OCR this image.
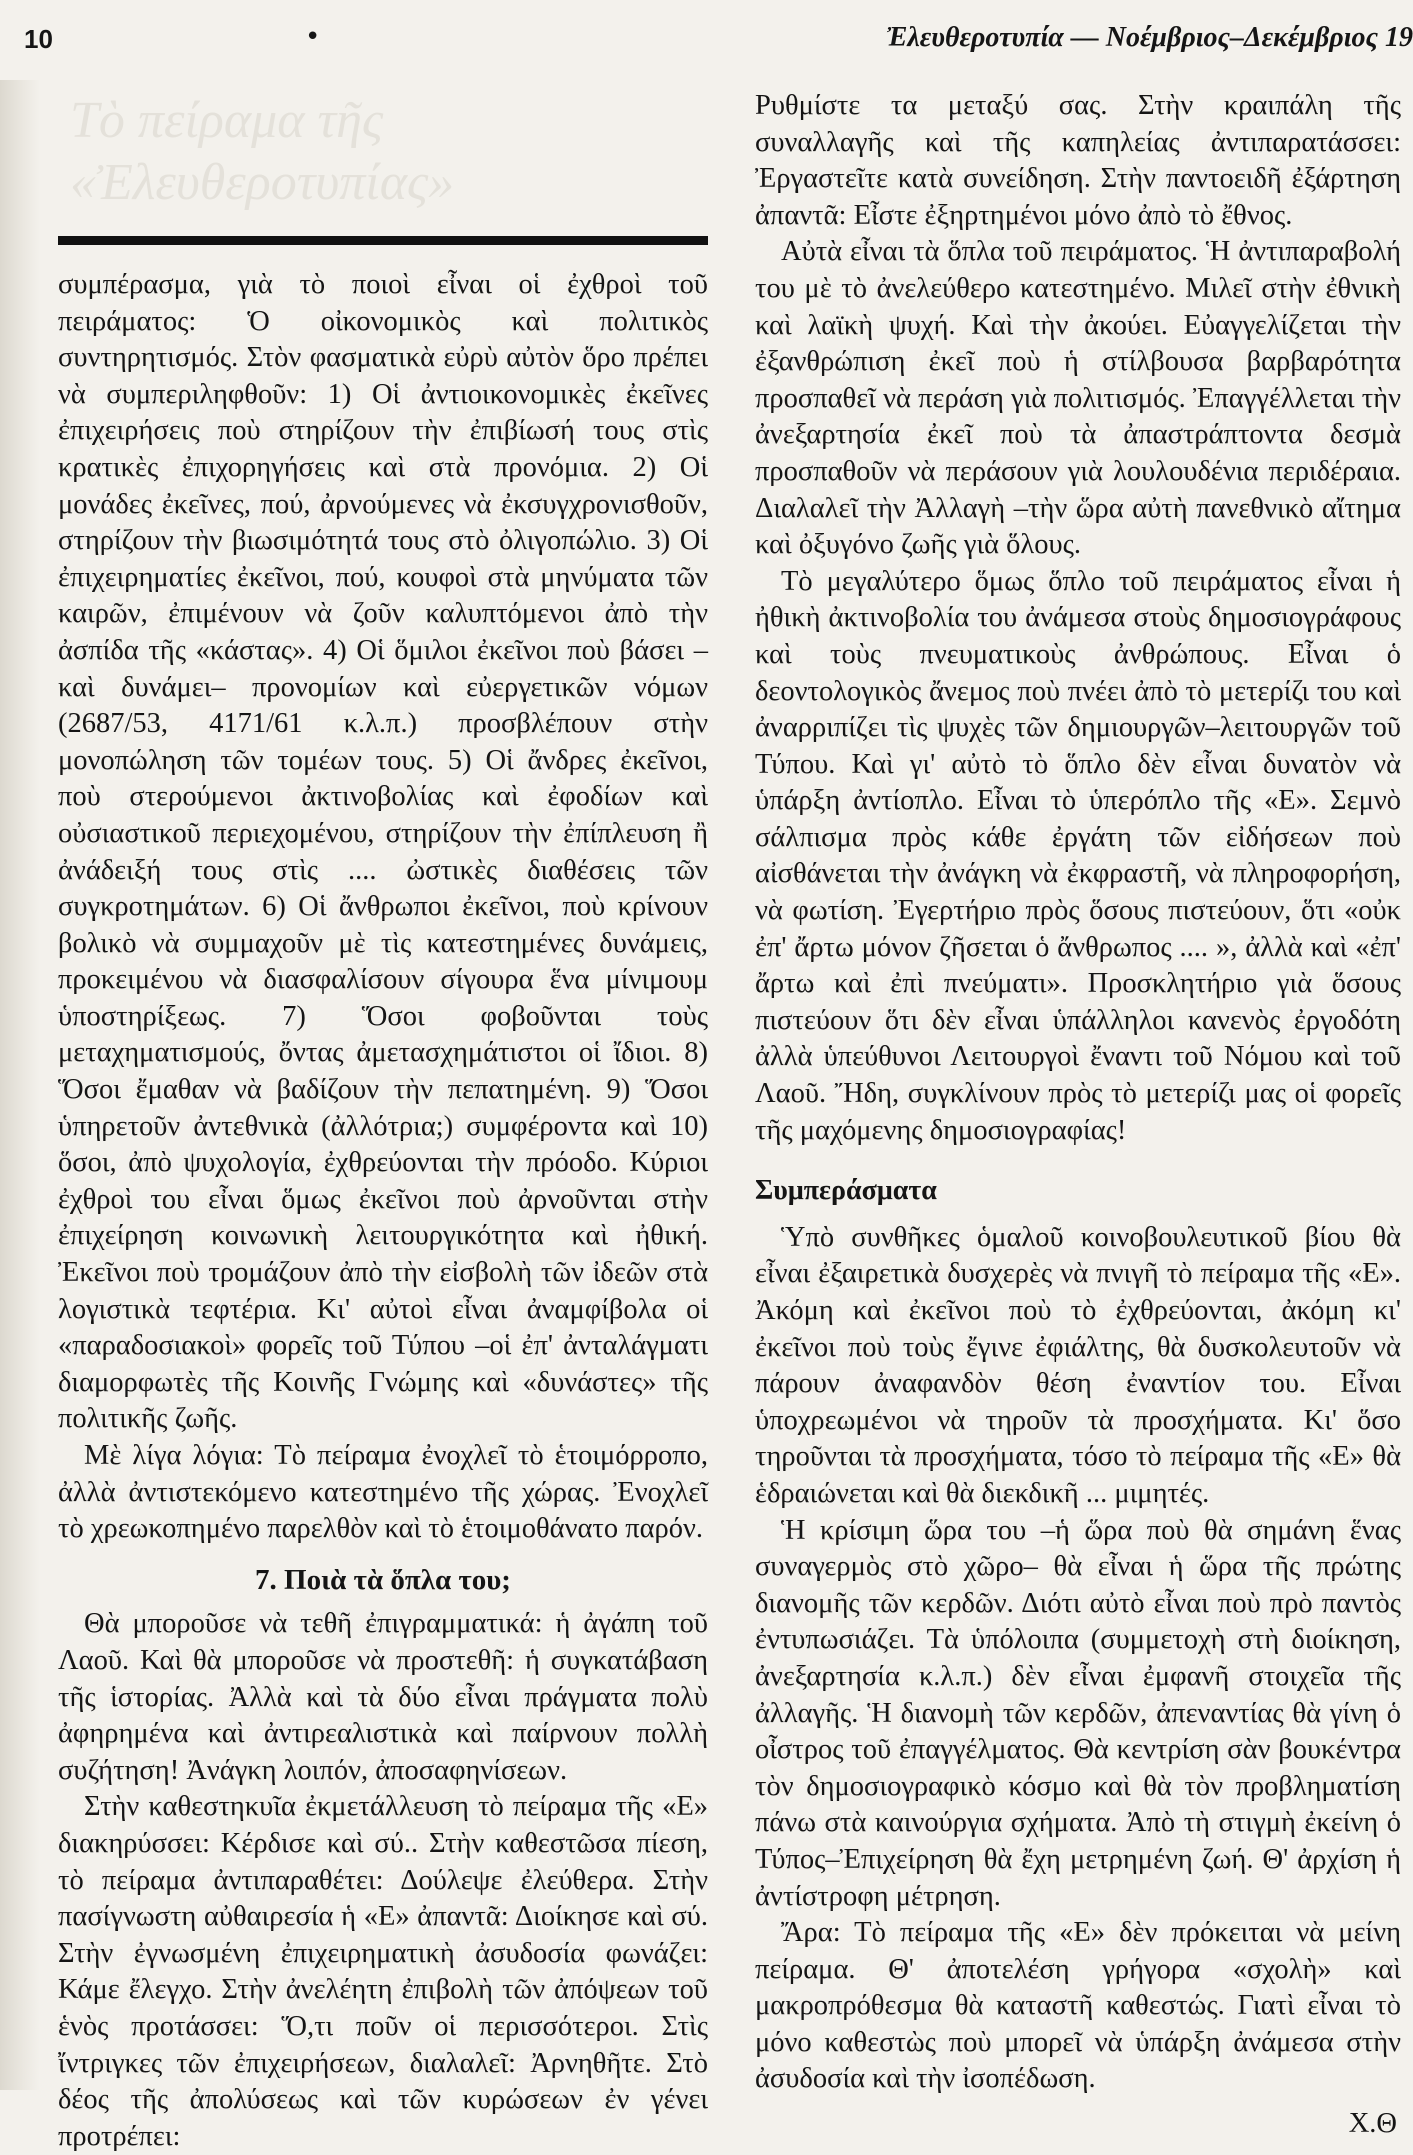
10	•	Ἐλευθεροτυπία — Νοέμβριος–Δεκέμβριος 19
Τὸ πείραμα τῆς «Ἐλευθεροτυπίας»

συμπέρασμα, γιὰ τὸ ποιοὶ εἶναι οἱ ἐχθροὶ τοῦ πειράματος: Ὁ οἰκονομικὸς καὶ πολιτικὸς συντηρητισμός. Στὸν φασματικὰ εὐρὺ αὐτὸν ὅρο πρέπει νὰ συμπεριληφθοῦν: 1) Οἱ ἀντιοικονομικὲς ἐκεῖνες ἐπιχειρήσεις ποὺ στηρίζουν τὴν ἐπιβίωσή τους στὶς κρατικὲς ἐπιχορηγήσεις καὶ στὰ προνόμια. 2) Οἱ μονάδες ἐκεῖνες, πού, ἀρνούμενες νὰ ἐκσυγχρονισθοῦν, στηρίζουν τὴν βιωσιμότητά τους στὸ ὀλιγοπώλιο. 3) Οἱ ἐπιχειρηματίες ἐκεῖνοι, πού, κουφοὶ στὰ μηνύματα τῶν καιρῶν, ἐπιμένουν νὰ ζοῦν καλυπτόμενοι ἀπὸ τὴν ἀσπίδα τῆς «κάστας». 4) Οἱ ὅμιλοι ἐκεῖνοι ποὺ βάσει –καὶ δυνάμει– προνομίων καὶ εὐεργετικῶν νόμων (2687/53, 4171/61 κ.λ.π.) προσβλέπουν στὴν μονοπώληση τῶν τομέων τους. 5) Οἱ ἄνδρες ἐκεῖνοι, ποὺ στερούμενοι ἀκτινοβολίας καὶ ἐφοδίων καὶ οὐσιαστικοῦ περιεχομένου, στηρίζουν τὴν ἐπίπλευση ἢ ἀνάδειξή τους στὶς .... ὠστικὲς διαθέσεις τῶν συγκροτημάτων. 6) Οἱ ἄνθρωποι ἐκεῖνοι, ποὺ κρίνουν βολικὸ νὰ συμμαχοῦν μὲ τὶς κατεστημένες δυνάμεις, προκειμένου νὰ διασφαλίσουν σίγουρα ἕνα μίνιμουμ ὑποστηρίξεως. 7) Ὅσοι φοβοῦνται τοὺς μεταχηματισμούς, ὄντας ἀμετασχημάτιστοι οἱ ἴδιοι. 8) Ὅσοι ἔμαθαν νὰ βαδίζουν τὴν πεπατημένη. 9) Ὅσοι ὑπηρετοῦν ἀντεθνικὰ (ἀλλότρια;) συμφέροντα καὶ 10) ὅσοι, ἀπὸ ψυχολογία, ἐχθρεύονται τὴν πρόοδο. Κύριοι ἐχθροὶ του εἶναι ὅμως ἐκεῖνοι ποὺ ἀρνοῦνται στὴν ἐπιχείρηση κοινωνικὴ λειτουργικότητα καὶ ἠθική. Ἐκεῖνοι ποὺ τρομάζουν ἀπὸ τὴν εἰσβολὴ τῶν ἰδεῶν στὰ λογιστικὰ τεφτέρια. Κι' αὐτοὶ εἶναι ἀναμφίβολα οἱ «παραδοσιακοὶ» φορεῖς τοῦ Τύπου –οἱ ἐπ' ἀνταλάγματι διαμορφωτὲς τῆς Κοινῆς Γνώμης καὶ «δυνάστες» τῆς πολιτικῆς ζωῆς.

Μὲ λίγα λόγια: Τὸ πείραμα ἐνοχλεῖ τὸ ἑτοιμόρροπο, ἀλλὰ ἀντιστεκόμενο κατεστημένο τῆς χώρας. Ἐνοχλεῖ τὸ χρεωκοπημένο παρελθὸν καὶ τὸ ἑτοιμοθάνατο παρόν.

7. Ποιὰ τὰ ὅπλα του;

Θὰ μποροῦσε νὰ τεθῆ ἐπιγραμματικά: ἡ ἀγάπη τοῦ Λαοῦ. Καὶ θὰ μποροῦσε νὰ προστεθῆ: ἡ συγκατάβαση τῆς ἱστορίας. Ἀλλὰ καὶ τὰ δύο εἶναι πράγματα πολὺ ἀφηρημένα καὶ ἀντιρεαλιστικὰ καὶ παίρνουν πολλὴ συζήτηση! Ἀνάγκη λοιπόν, ἀποσαφηνίσεων.

Στὴν καθεστηκυῖα ἐκμετάλλευση τὸ πείραμα τῆς «Ε» διακηρύσσει: Κέρδισε καὶ σύ.. Στὴν καθεστῶσα πίεση, τὸ πείραμα ἀντιπαραθέτει: Δούλεψε ἐλεύθερα. Στὴν πασίγνωστη αὐθαιρεσία ἡ «Ε» ἀπαντᾶ: Διοίκησε καὶ σύ. Στὴν ἐγνωσμένη ἐπιχειρηματικὴ ἀσυδοσία φωνάζει: Κάμε ἔλεγχο. Στὴν ἀνελέητη ἐπιβολὴ τῶν ἀπόψεων τοῦ ἑνὸς προτάσσει: Ὅ,τι ποῦν οἱ περισσότεροι. Στὶς ἴντριγκες τῶν ἐπιχειρήσεων, διαλαλεῖ: Ἀρνηθῆτε. Στὸ δέος τῆς ἀπολύσεως καὶ τῶν κυρώσεων ἐν γένει προτρέπει:

Ρυθμίστε τα μεταξύ σας. Στὴν κραιπάλη τῆς συναλλαγῆς καὶ τῆς καπηλείας ἀντιπαρατάσσει: Ἐργαστεῖτε κατὰ συνείδηση. Στὴν παντοειδῆ ἐξάρτηση ἀπαντᾶ: Εἶστε ἐξηρτημένοι μόνο ἀπὸ τὸ ἔθνος.

Αὐτὰ εἶναι τὰ ὅπλα τοῦ πειράματος. Ἡ ἀντιπαραβολή του μὲ τὸ ἀνελεύθερο κατεστημένο. Μιλεῖ στὴν ἐθνικὴ καὶ λαϊκὴ ψυχή. Καὶ τὴν ἀκούει. Εὐαγγελίζεται τὴν ἐξανθρώπιση ἐκεῖ ποὺ ἡ στίλβουσα βαρβαρότητα προσπαθεῖ νὰ περάση γιὰ πολιτισμός. Ἐπαγγέλλεται τὴν ἀνεξαρτησία ἐκεῖ ποὺ τὰ ἀπαστράπτοντα δεσμὰ προσπαθοῦν νὰ περάσουν γιὰ λουλουδένια περιδέραια. Διαλαλεῖ τὴν Ἀλλαγὴ –τὴν ὥρα αὐτὴ πανεθνικὸ αἴτημα καὶ ὀξυγόνο ζωῆς γιὰ ὅλους.

Τὸ μεγαλύτερο ὅμως ὅπλο τοῦ πειράματος εἶναι ἡ ἠθικὴ ἀκτινοβολία του ἀνάμεσα στοὺς δημοσιογράφους καὶ τοὺς πνευματικοὺς ἀνθρώπους. Εἶναι ὁ δεοντολογικὸς ἄνεμος ποὺ πνέει ἀπὸ τὸ μετερίζι του καὶ ἀναρριπίζει τὶς ψυχὲς τῶν δημιουργῶν–λειτουργῶν τοῦ Τύπου. Καὶ γι' αὐτὸ τὸ ὅπλο δὲν εἶναι δυνατὸν νὰ ὑπάρξη ἀντίοπλο. Εἶναι τὸ ὑπερόπλο τῆς «Ε». Σεμνὸ σάλπισμα πρὸς κάθε ἐργάτη τῶν εἰδήσεων ποὺ αἰσθάνεται τὴν ἀνάγκη νὰ ἐκφραστῆ, νὰ πληροφορήση, νὰ φωτίση. Ἐγερτήριο πρὸς ὅσους πιστεύουν, ὅτι «οὐκ ἐπ' ἄρτω μόνον ζῆσεται ὁ ἄνθρωπος .... », ἀλλὰ καὶ «ἐπ' ἄρτω καὶ ἐπὶ πνεύματι». Προσκλητήριο γιὰ ὅσους πιστεύουν ὅτι δὲν εἶναι ὑπάλληλοι κανενὸς ἐργοδότη ἀλλὰ ὑπεύθυνοι Λειτουργοὶ ἔναντι τοῦ Νόμου καὶ τοῦ Λαοῦ. Ἤδη, συγκλίνουν πρὸς τὸ μετερίζι μας οἱ φορεῖς τῆς μαχόμενης δημοσιογραφίας!

Συμπεράσματα

Ὑπὸ συνθῆκες ὁμαλοῦ κοινοβουλευτικοῦ βίου θὰ εἶναι ἐξαιρετικὰ δυσχερὲς νὰ πνιγῆ τὸ πείραμα τῆς «Ε». Ἀκόμη καὶ ἐκεῖνοι ποὺ τὸ ἐχθρεύονται, ἀκόμη κι' ἐκεῖνοι ποὺ τοὺς ἔγινε ἐφιάλτης, θὰ δυσκολευτοῦν νὰ πάρουν ἀναφανδὸν θέση ἐναντίον του. Εἶναι ὑποχρεωμένοι νὰ τηροῦν τὰ προσχήματα. Κι' ὅσο τηροῦνται τὰ προσχήματα, τόσο τὸ πείραμα τῆς «Ε» θὰ ἑδραιώνεται καὶ θὰ διεκδικῆ ... μιμητές.

Ἡ κρίσιμη ὥρα του –ἡ ὥρα ποὺ θὰ σημάνη ἕνας συναγερμὸς στὸ χῶρο– θὰ εἶναι ἡ ὥρα τῆς πρώτης διανομῆς τῶν κερδῶν. Διότι αὐτὸ εἶναι ποὺ πρὸ παντὸς ἐντυπωσιάζει. Τὰ ὑπόλοιπα (συμμετοχὴ στὴ διοίκηση, ἀνεξαρτησία κ.λ.π.) δὲν εἶναι ἐμφανῆ στοιχεῖα τῆς ἀλλαγῆς. Ἡ διανομὴ τῶν κερδῶν, ἀπεναντίας θὰ γίνη ὁ οἶστρος τοῦ ἐπαγγέλματος. Θὰ κεντρίση σὰν βουκέντρα τὸν δημοσιογραφικὸ κόσμο καὶ θὰ τὸν προβληματίση πάνω στὰ καινούργια σχήματα. Ἀπὸ τὴ στιγμὴ ἐκείνη ὁ Τύπος–Ἐπιχείρηση θὰ ἔχη μετρημένη ζωή. Θ' ἀρχίση ἡ ἀντίστροφη μέτρηση.

Ἄρα: Τὸ πείραμα τῆς «Ε» δὲν πρόκειται νὰ μείνη πείραμα. Θ' ἀποτελέση γρήγορα «σχολὴ» καὶ μακροπρόθεσμα θὰ καταστῆ καθεστώς. Γιατὶ εἶναι τὸ μόνο καθεστὼς ποὺ μπορεῖ νὰ ὑπάρξη ἀνάμεσα στὴν ἀσυδοσία καὶ τὴν ἰσοπέδωση.

Χ.Θ
